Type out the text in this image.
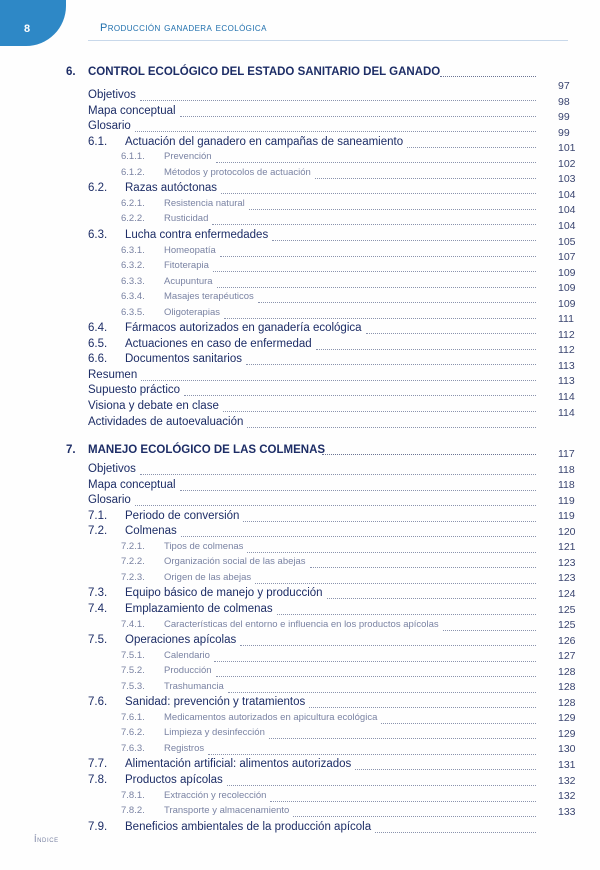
8	Producción ganadera ecológica
6. CONTROL ECOLÓGICO DEL ESTADO SANITARIO DEL GANADO
Objetivos
Mapa conceptual
Glosario
6.1. Actuación del ganadero en campañas de saneamiento
6.1.1. Prevención
6.1.2. Métodos y protocolos de actuación
6.2. Razas autóctonas
6.2.1. Resistencia natural
6.2.2. Rusticidad
6.3. Lucha contra enfermedades
6.3.1. Homeopatía
6.3.2. Fitoterapia
6.3.3. Acupuntura
6.3.4. Masajes terapéuticos
6.3.5. Oligoterapias
6.4. Fármacos autorizados en ganadería ecológica
6.5. Actuaciones en caso de enfermedad
6.6. Documentos sanitarios
Resumen
Supuesto práctico
Visiona y debate en clase
Actividades de autoevaluación
97
98
99
99
101
102
103
104
104
104
105
107
109
109
109
111
112
112
113
113
114
114
7. MANEJO ECOLÓGICO DE LAS COLMENAS
Objetivos
Mapa conceptual
Glosario
7.1. Periodo de conversión
7.2. Colmenas
7.2.1. Tipos de colmenas
7.2.2. Organización social de las abejas
7.2.3. Origen de las abejas
7.3. Equipo básico de manejo y producción
7.4. Emplazamiento de colmenas
7.4.1. Características del entorno e influencia en los productos apícolas
7.5. Operaciones apícolas
7.5.1. Calendario
7.5.2. Producción
7.5.3. Trashumancia
7.6. Sanidad: prevención y tratamientos
7.6.1. Medicamentos autorizados en apicultura ecológica
7.6.2. Limpieza y desinfección
7.6.3. Registros
7.7. Alimentación artificial: alimentos autorizados
7.8. Productos apícolas
7.8.1. Extracción y recolección
7.8.2. Transporte y almacenamiento
7.9. Beneficios ambientales de la producción apícola
117
118
118
119
119
120
121
123
123
124
125
125
126
127
128
128
128
129
129
130
131
132
132
133
Índice
